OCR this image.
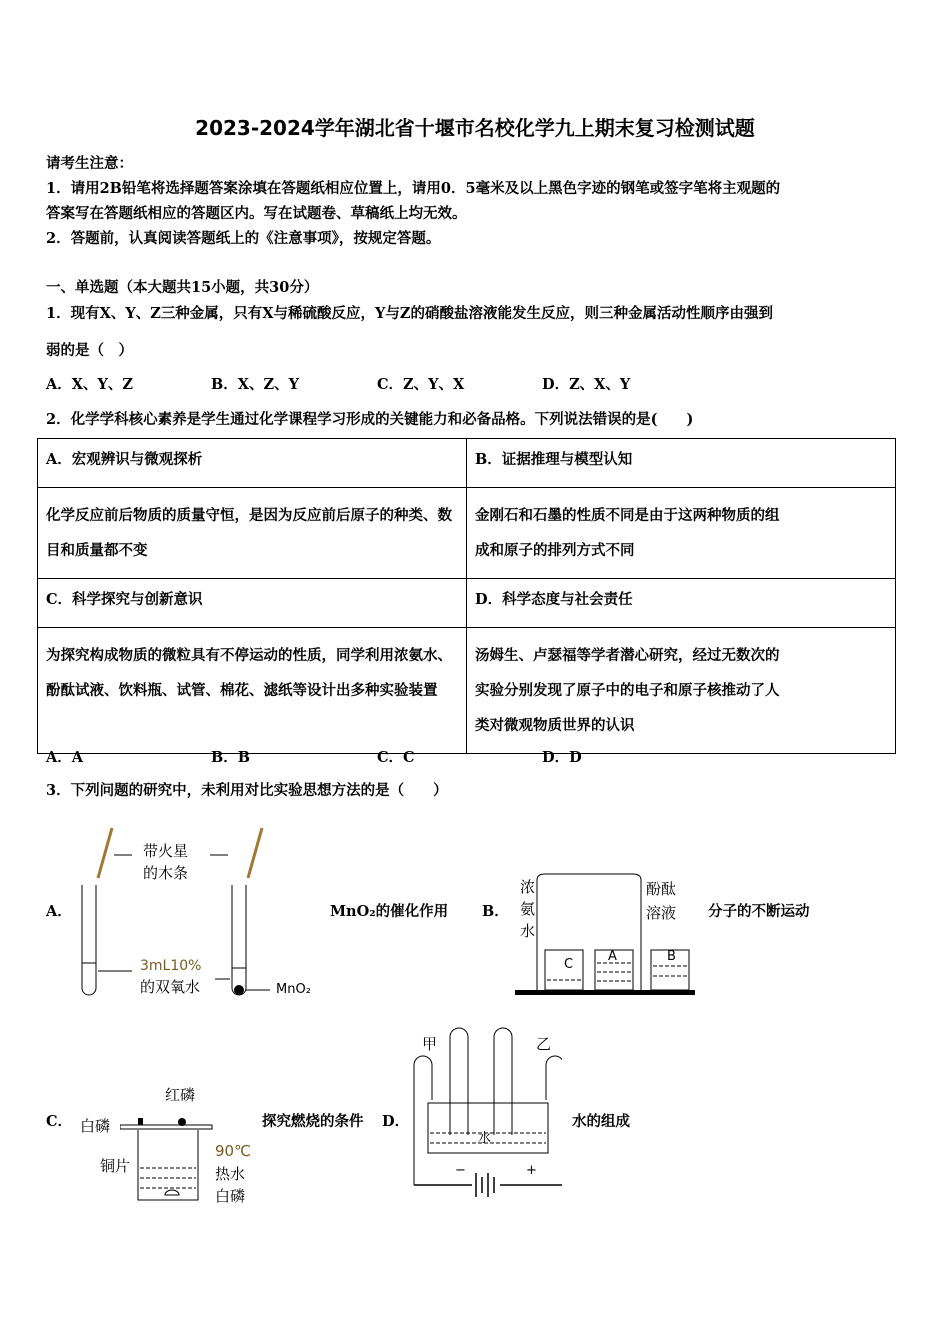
2023-2024学年湖北省十堰市名校化学九上期末复习检测试题
请考生注意：
1．请用2B铅笔将选择题答案涂填在答题纸相应位置上，请用0．5毫米及以上黑色字迹的钢笔或签字笔将主观题的
答案写在答题纸相应的答题区内。写在试题卷、草稿纸上均无效。
2．答题前，认真阅读答题纸上的《注意事项》，按规定答题。
一、单选题（本大题共15小题，共30分）
1．现有X、Y、Z三种金属，只有X与稀硫酸反应，Y与Z的硝酸盐溶液能发生反应，则三种金属活动性顺序由强到
弱的是（　）
A．X、Y、Z	B．X、Z、Y	C．Z、Y、X	D．Z、X、Y
2．化学学科核心素养是学生通过化学课程学习形成的关键能力和必备品格。下列说法错误的是(　　)
A．宏观辨识与微观探析	B．证据推理与模型认知
化学反应前后物质的质量守恒，是因为反应前后原子的种类、数目和质量都不变	金刚石和石墨的性质不同是由于这两种物质的组成和原子的排列方式不同
C．科学探究与创新意识	D．科学态度与社会责任
为探究构成物质的微粒具有不停运动的性质，同学利用浓氨水、酚酞试液、饮料瓶、试管、棉花、滤纸等设计出多种实验装置	汤姆生、卢瑟福等学者潜心研究，经过无数次的实验分别发现了原子中的电子和原子核推动了人类对微观物质世界的认识
A．A	B．B	C．C	D．D
3．下列问题的研究中，未利用对比实验思想方法的是（　　）
A．
带火星
的木条
3mL10%
的双氧水	MnO₂
MnO₂的催化作用 B．
浓氨水
酚酞
溶液
C
A	B
分子的不断运动
C．
红磷
白磷
铜片
90℃
热水
白磷
探究燃烧的条件 D．
甲	乙
水
−	+
水的组成
